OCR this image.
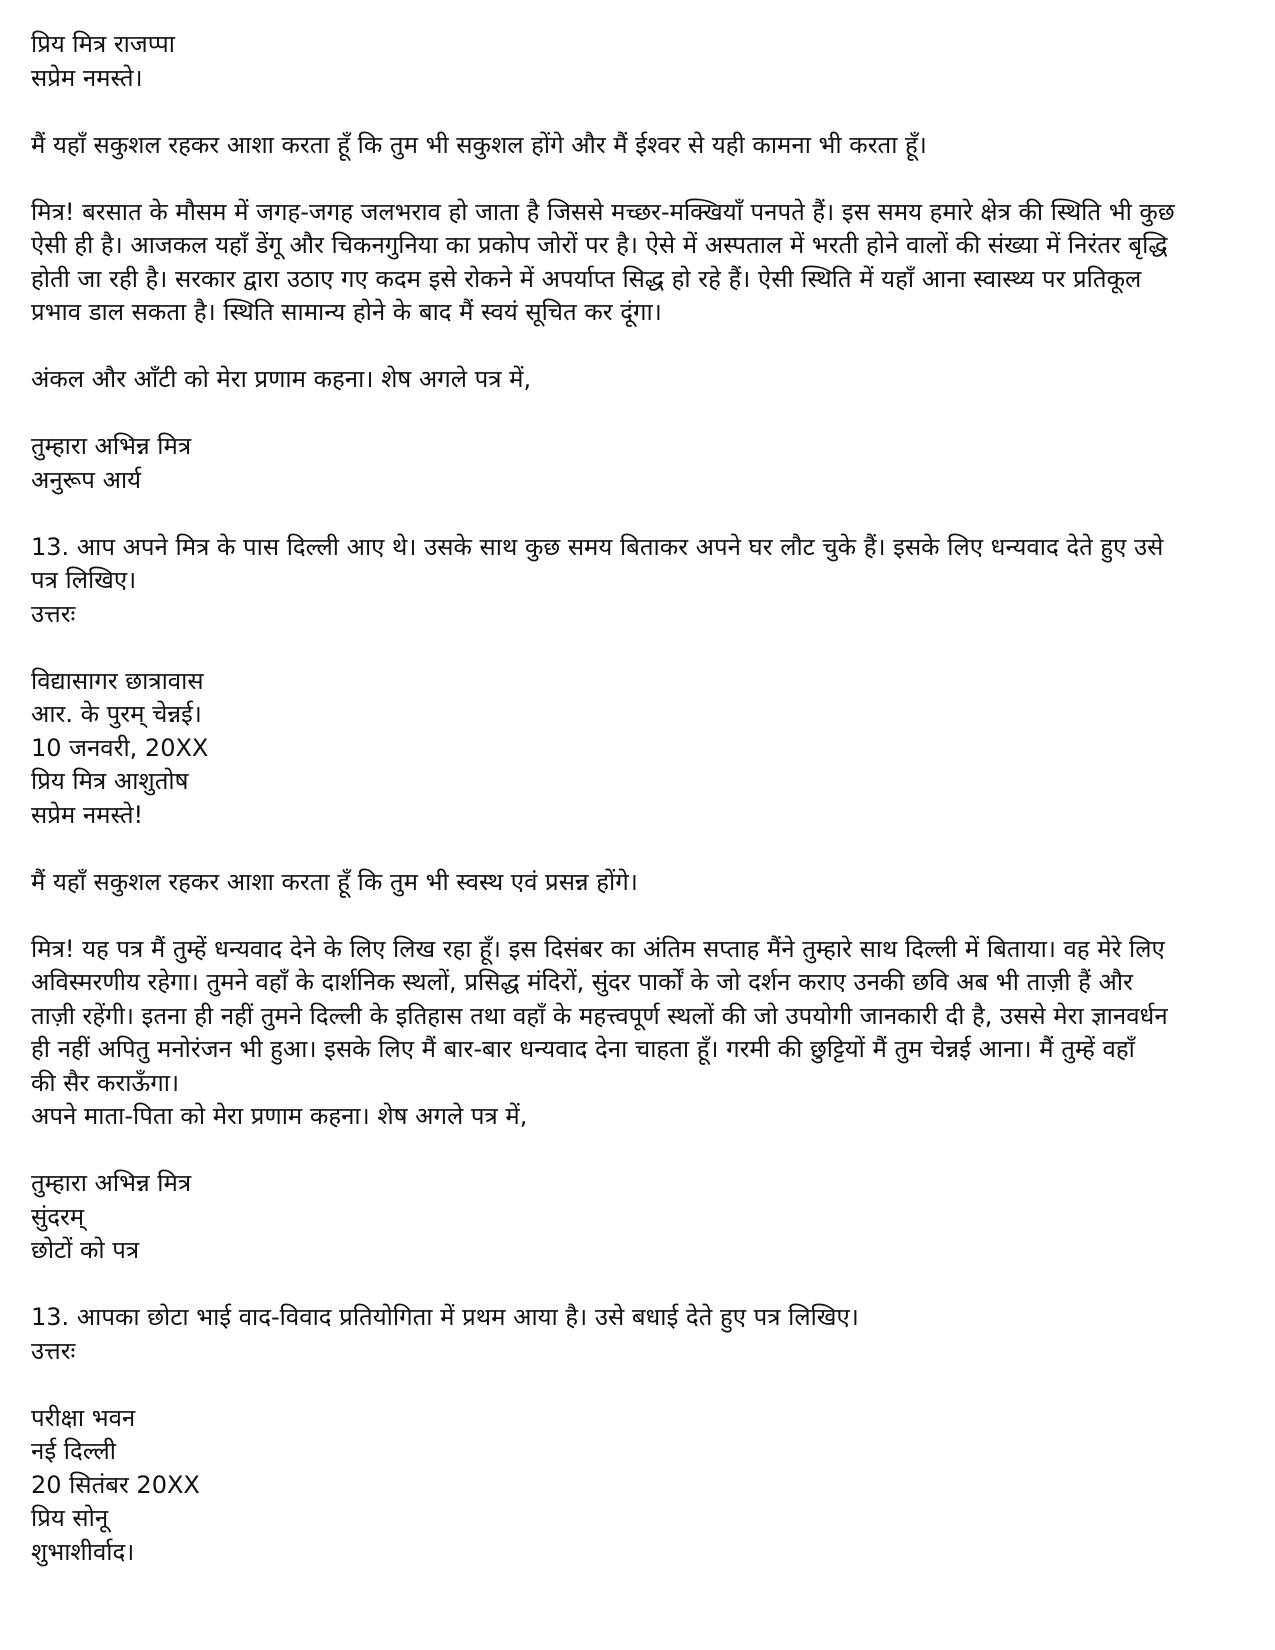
प्रिय मित्र राजप्पा

सप्रेम नमस्ते।

मैं यहाँ सकुशल रहकर आशा करता हूँ कि तुम भी सकुशल होंगे और मैं ईश्वर से यही कामना भी करता हूँ।

मित्र! बरसात के मौसम में जगह-जगह जलभराव हो जाता है जिससे मच्छर-मक्खियाँ पनपते हैं। इस समय हमारे क्षेत्र की स्थिति भी कुछ

ऐसी ही है। आजकल यहाँ डेंगू और चिकनगुनिया का प्रकोप जोरों पर है। ऐसे में अस्पताल में भरती होने वालों की संख्या में निरंतर बृद्धि

होती जा रही है। सरकार द्वारा उठाए गए कदम इसे रोकने में अपर्याप्त सिद्ध हो रहे हैं। ऐसी स्थिति में यहाँ आना स्वास्थ्य पर प्रतिकूल

प्रभाव डाल सकता है। स्थिति सामान्य होने के बाद मैं स्वयं सूचित कर दूंगा।

अंकल और आँटी को मेरा प्रणाम कहना। शेष अगले पत्र में,

तुम्हारा अभिन्न मित्र

अनुरूप आर्य

13. आप अपने मित्र के पास दिल्ली आए थे। उसके साथ कुछ समय बिताकर अपने घर लौट चुके हैं। इसके लिए धन्यवाद देते हुए उसे

पत्र लिखिए।

उत्तरः

विद्यासागर छात्रावास

आर. के पुरम् चेन्नई।

10 जनवरी, 20XX

प्रिय मित्र आशुतोष

सप्रेम नमस्ते!

मैं यहाँ सकुशल रहकर आशा करता हूँ कि तुम भी स्वस्थ एवं प्रसन्न होंगे।

मित्र! यह पत्र मैं तुम्हें धन्यवाद देने के लिए लिख रहा हूँ। इस दिसंबर का अंतिम सप्ताह मैंने तुम्हारे साथ दिल्ली में बिताया। वह मेरे लिए

अविस्मरणीय रहेगा। तुमने वहाँ के दार्शनिक स्थलों, प्रसिद्ध मंदिरों, सुंदर पार्कों के जो दर्शन कराए उनकी छवि अब भी ताज़ी हैं और

ताज़ी रहेंगी। इतना ही नहीं तुमने दिल्ली के इतिहास तथा वहाँ के महत्त्वपूर्ण स्थलों की जो उपयोगी जानकारी दी है, उससे मेरा ज्ञानवर्धन

ही नहीं अपितु मनोरंजन भी हुआ। इसके लिए मैं बार-बार धन्यवाद देना चाहता हूँ। गरमी की छुट्टियों मैं तुम चेन्नई आना। मैं तुम्हें वहाँ

की सैर कराऊँगा।

अपने माता-पिता को मेरा प्रणाम कहना। शेष अगले पत्र में,

तुम्हारा अभिन्न मित्र

सुंदरम्

छोटों को पत्र

13. आपका छोटा भाई वाद-विवाद प्रतियोगिता में प्रथम आया है। उसे बधाई देते हुए पत्र लिखिए।

उत्तरः

परीक्षा भवन

नई दिल्ली

20 सितंबर 20XX

प्रिय सोनू

शुभाशीर्वाद।
